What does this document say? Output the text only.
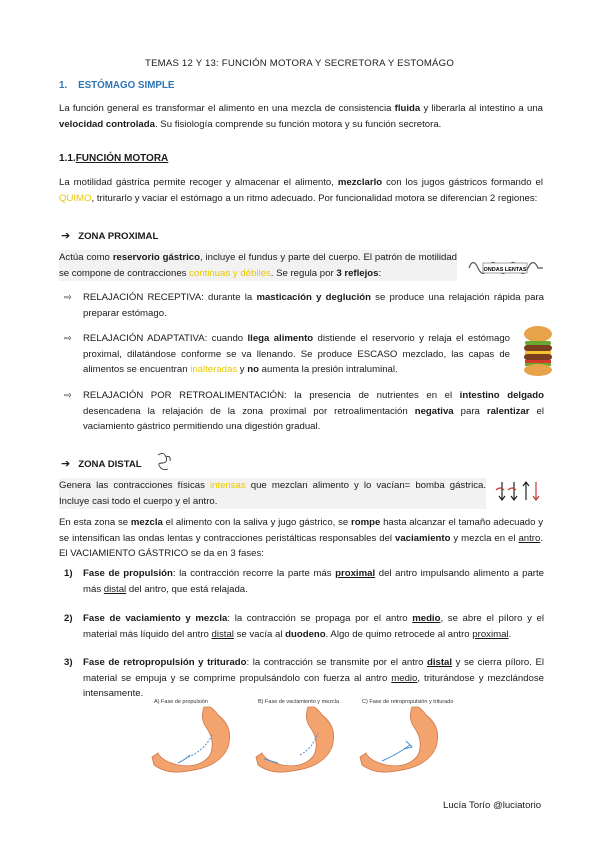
TEMAS 12 Y 13: FUNCIÓN MOTORA Y SECRETORA Y ESTOMÁGO
1. ESTÓMAGO SIMPLE
La función general es transformar el alimento en una mezcla de consistencia fluida y liberarla al intestino a una velocidad controlada. Su fisiología comprende su función motora y su función secretora.
1.1.FUNCIÓN MOTORA
La motilidad gástrica permite recoger y almacenar el alimento, mezclarlo con los jugos gástricos formando el QUIMO, triturarlo y vaciar el estómago a un ritmo adecuado. Por funcionalidad motora se diferencian 2 regiones:
➔ ZONA PROXIMAL
Actúa como reservorio gástrico, incluye el fundus y parte del cuerpo. El patrón de motilidad se compone de contracciones continuas y débiles. Se regula por 3 reflejos:	ONDAS LENTAS
⇨ RELAJACIÓN RECEPTIVA: durante la masticación y deglución se produce una relajación rápida para preparar estómago.
⇨ RELAJACIÓN ADAPTATIVA: cuando llega alimento distiende el reservorio y relaja el estómago proximal, dilatándose conforme se va llenando. Se produce ESCASO mezclado, las capas de alimentos se encuentran inalteradas y no aumenta la presión intraluminal.
⇨ RELAJACIÓN POR RETROALIMENTACIÓN: la presencia de nutrientes en el intestino delgado desencadena la relajación de la zona proximal por retroalimentación negativa para ralentizar el vaciamiento gástrico permitiendo una digestión gradual.
➔ ZONA DISTAL
Genera las contracciones físicas intensas que mezclan alimento y lo vacían= bomba gástrica. Incluye casi todo el cuerpo y el antro.
En esta zona se mezcla el alimento con la saliva y jugo gástrico, se rompe hasta alcanzar el tamaño adecuado y se intensifican las ondas lentas y contracciones peristálticas responsables del vaciamiento y mezcla en el antro. El VACIAMIENTO GÁSTRICO se da en 3 fases:
1) Fase de propulsión: la contracción recorre la parte más proximal del antro impulsando alimento a parte más distal del antro, que está relajada.
2) Fase de vaciamiento y mezcla: la contracción se propaga por el antro medio, se abre el píloro y el material más líquido del antro distal se vacía al duodeno. Algo de quimo retrocede al antro proximal.
3) Fase de retropropulsión y triturado: la contracción se transmite por el antro distal y se cierra píloro. El material se empuja y se comprime propulsándolo con fuerza al antro medio, triturándose y mezclándose intensamente.
A) Fase de propulsión	B) Fase de vaciamiento y mezcla	C) Fase de retropropulsión y triturado
Lucía Torío @luciatorio
